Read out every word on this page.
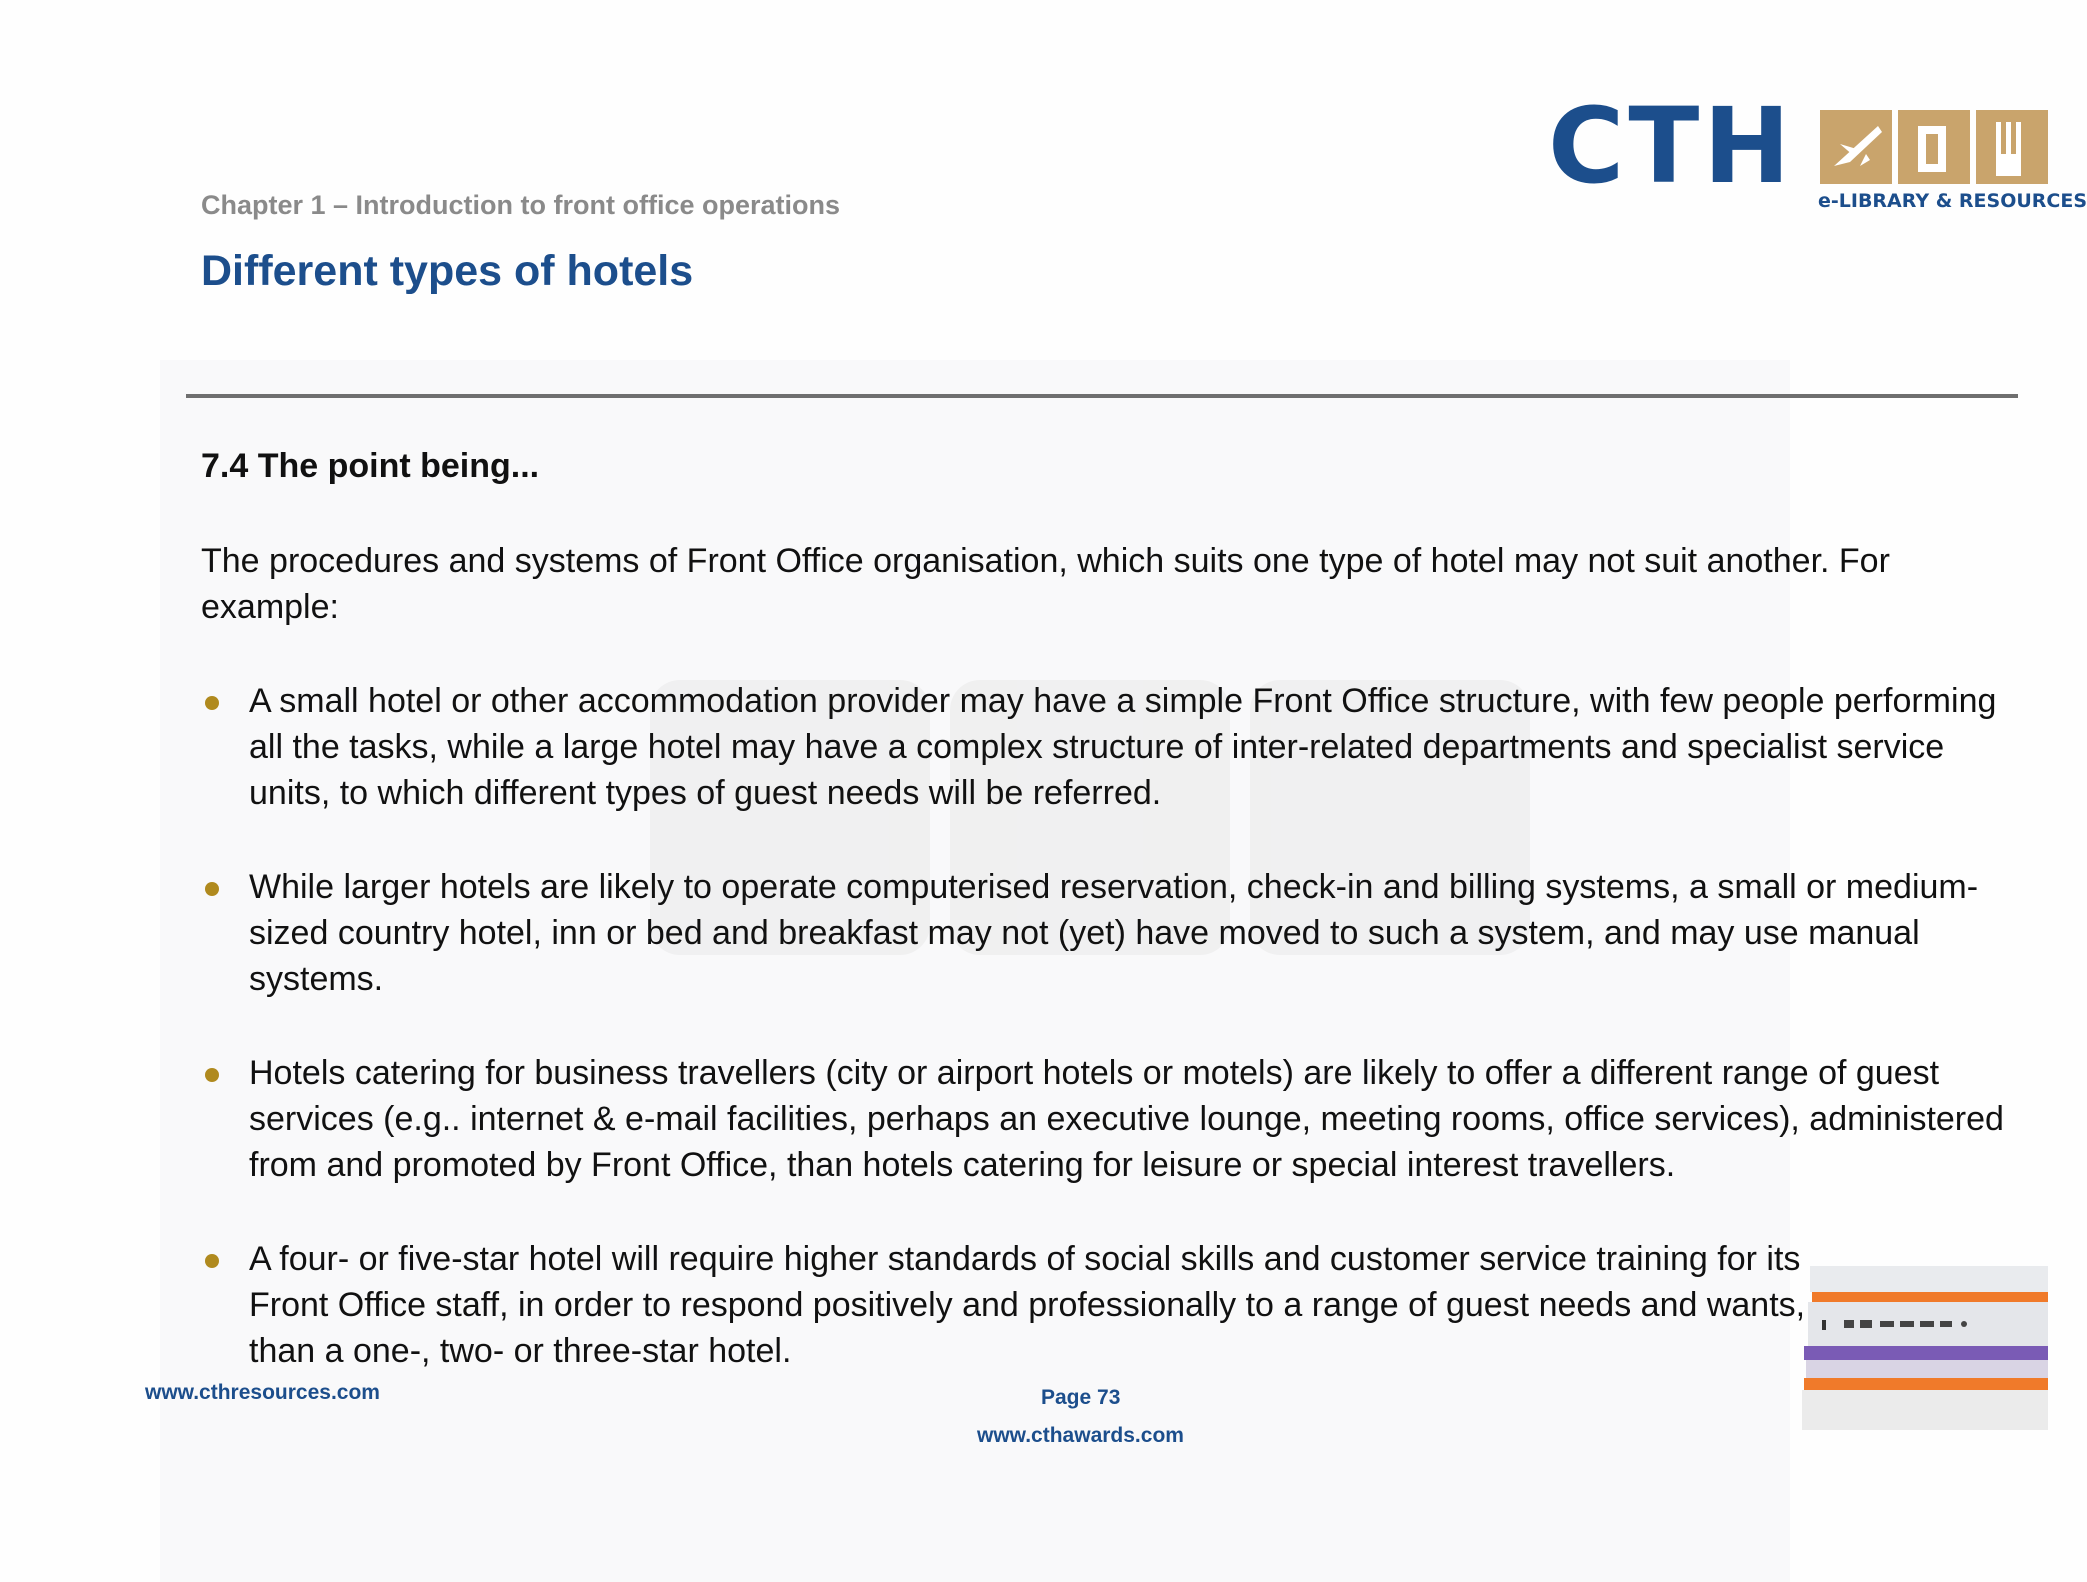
CTH e-LIBRARY & RESOURCES
Chapter 1 – Introduction to front office operations
Different types of hotels
7.4 The point being...

The procedures and systems of Front Office organisation, which suits one type of hotel may not suit another. For example:

A small hotel or other accommodation provider may have a simple Front Office structure, with few people performing all the tasks, while a large hotel may have a complex structure of inter-related departments and specialist service units, to which different types of guest needs will be referred.
While larger hotels are likely to operate computerised reservation, check-in and billing systems, a small or medium-sized country hotel, inn or bed and breakfast may not (yet) have moved to such a system, and may use manual systems.
Hotels catering for business travellers (city or airport hotels or motels) are likely to offer a different range of guest services (e.g.. internet & e-mail facilities, perhaps an executive lounge, meeting rooms, office services), administered from and promoted by Front Office, than hotels catering for leisure or special interest travellers.
A four- or five-star hotel will require higher standards of social skills and customer service training for its Front Office staff, in order to respond positively and professionally to a range of guest needs and wants, than a one-, two- or three-star hotel.
www.cthresources.com	Page 73
www.cthawards.com
